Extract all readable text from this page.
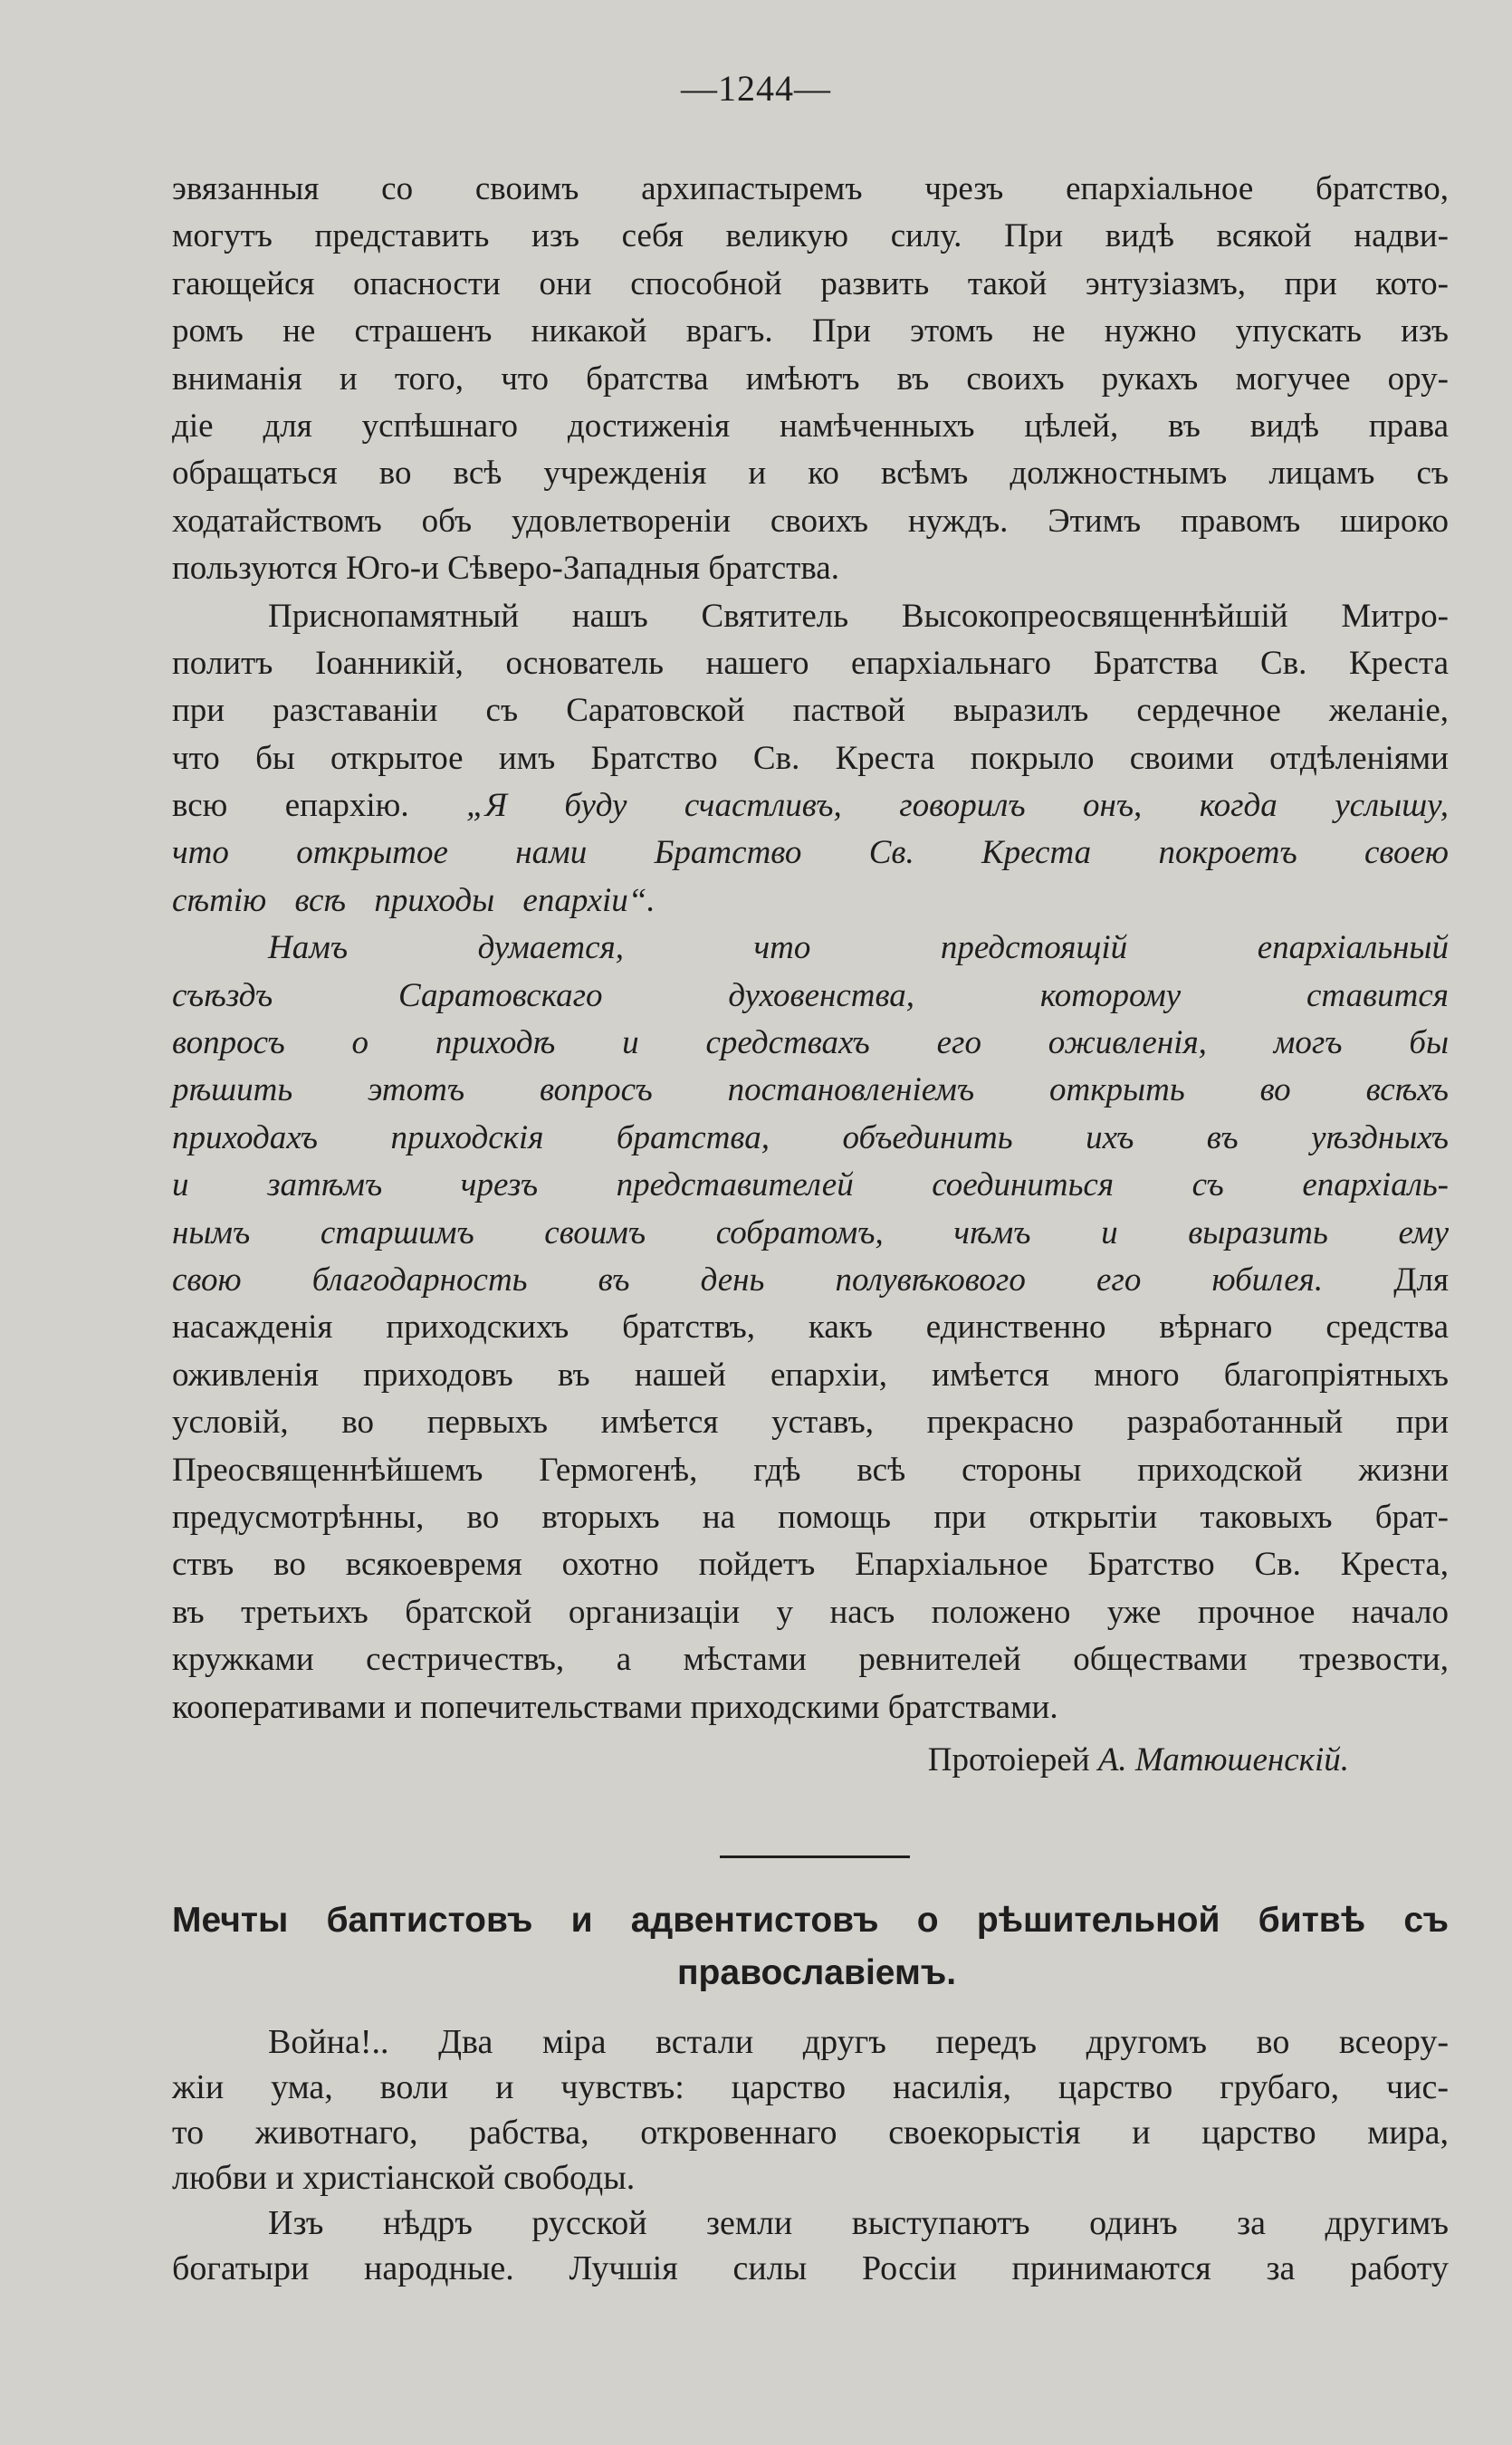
—1244—
эвязанныя со своимъ архипастыремъ чрезъ епархіальное братство,
могутъ представить изъ себя великую силу. При видѣ всякой надви-
гающейся опасности они способной развить такой энтузіазмъ, при кото-
ромъ не страшенъ никакой врагъ. При этомъ не нужно упускать изъ
вниманія и того, что братства имѣютъ въ своихъ рукахъ могучее ору-
діе для успѣшнаго достиженія намѣченныхъ цѣлей, въ видѣ права
обращаться во всѣ учрежденія и ко всѣмъ должностнымъ лицамъ съ
ходатайствомъ объ удовлетвореніи своихъ нуждъ. Этимъ правомъ широко
пользуются Юго-и Сѣверо-Западныя братства.
Приснопамятный нашъ Святитель Высокопреосвященнѣйшій Митро-
политъ Іоанникій, основатель нашего епархіальнаго Братства Св. Креста
при разставаніи съ Саратовской паствой выразилъ сердечное желаніе,
что бы открытое имъ Братство Св. Креста покрыло своими отдѣленіями
всю епархію. „Я буду счастливъ, говорилъ онъ, когда услышу,
что открытое нами Братство Св. Креста покроетъ своею
сѣтію всѣ приходы епархіи“.
Намъ думается, что предстоящій епархіальный
съѣздъ Саратовскаго духовенства, которому ставится
вопросъ о приходѣ и средствахъ его оживленія, могъ бы
рѣшить этотъ вопросъ постановленіемъ открыть во всѣхъ
приходахъ приходскія братства, объединить ихъ въ уѣздныхъ
и затѣмъ чрезъ представителей соединиться съ епархіаль-
нымъ старшимъ своимъ собратомъ, чѣмъ и выразить ему
свою благодарность въ день полувѣкового его юбилея. Для
насажденія приходскихъ братствъ, какъ единственно вѣрнаго средства
оживленія приходовъ въ нашей епархіи, имѣется много благопріятныхъ
условій, во первыхъ имѣется уставъ, прекрасно разработанный при
Преосвященнѣйшемъ Гермогенѣ, гдѣ всѣ стороны приходской жизни
предусмотрѣнны, во вторыхъ на помощь при открытіи таковыхъ брат-
ствъ во всякоевремя охотно пойдетъ Епархіальное Братство Св. Креста,
въ третьихъ братской организаціи у насъ положено уже прочное начало
кружками сестричествъ, а мѣстами ревнителей обществами трезвости,
кооперативами и попечительствами приходскими братствами.
Протоіерей А. Матюшенскій.
Мечты баптистовъ и адвентистовъ о рѣшительной битвѣ съ
православіемъ.
Война!.. Два міра встали другъ передъ другомъ во всеору-
жіи ума, воли и чувствъ: царство насилія, царство грубаго, чис-
то животнаго, рабства, откровеннаго своекорыстія и царство мира,
любви и христіанской свободы.
Изъ нѣдръ русской земли выступаютъ одинъ за другимъ
богатыри народные. Лучшія силы Россіи принимаются за работу
